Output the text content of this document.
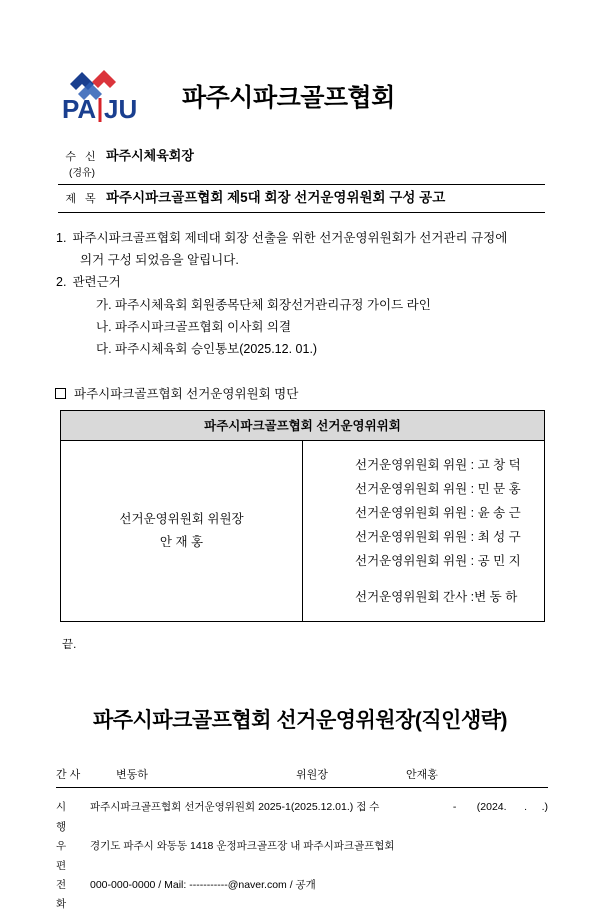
PA JU 파주시파크골프협회
수 신 파주시체육회장
(경유)
제 목 파주시파크골프협회 제5대 회장 선거운영위원회 구성 공고
1. 파주시파크골프협회 제데대 회장 선출을 위한 선거운영위원회가 선거관리 규정에
의거 구성 되었음을 알립니다.
2. 관련근거
가. 파주시체육회 회원종목단체 회장선거관리규정 가이드 라인
나. 파주시파크골프협회 이사회 의결
다. 파주시체육회 승인통보(2025.12. 01.)
파주시파크골프협회 선거운영위원회 명단
파주시파크골프협회 선거운영위위회

선거운영위원회 위원장
안 재 홍

선거운영위원회 위원 : 고 창 덕
선거운영위원회 위원 : 민 문 홍
선거운영위원회 위원 : 윤 송 근
선거운영위원회 위원 : 최 성 구
선거운영위원회 위원 : 공 민 지
선거운영위원회 간사 :변 동 하
끝.
파주시파크골프협회 선거운영위원장(직인생략)
간 사	변동하	위원장	안재홍
시 행
파주시파크골프협회 선거운영위원회 2025-1(2025.12.01.) 접 수	-       (2024.      .     .)
우 편
경기도 파주시 와동동 1418 운정파크골프장 내 파주시파크골프협회
전 화
000-000-0000 / Mail: -----------@naver.com / 공개
